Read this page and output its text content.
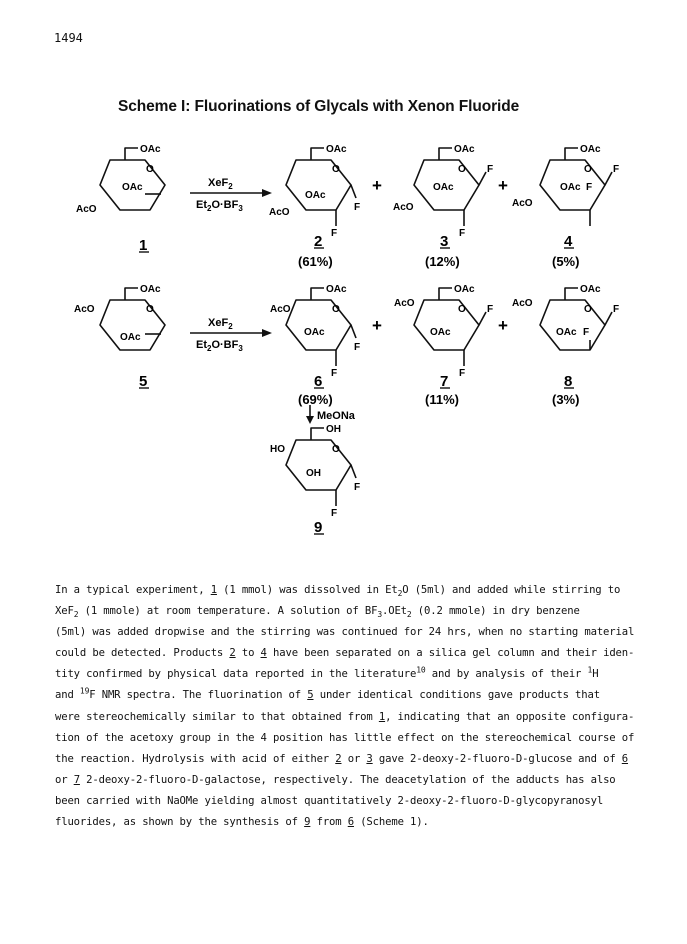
1494
Scheme I: Fluorinations of Glycals with Xenon Fluoride
OAc
O
OAc
AcO
OAc
O
OAc
AcO	F
F
OAc
O F
OAc
AcO
F
OAc
O F
OAc F
AcO
+	+
+	+
XeF$_2$
$Et_2O\cdot BF_3$
XeF$_2$
$Et_2O\cdot BF_3$
MeONa
OAc
O
AcO
OAc
OAc
O
AcO
OAc
F
F
OAc
O F
AcO
OAc
F
OAc
O F
AcO
OAc F
OH
O
HO
OH
F
F
1	2	3	4
5	6	7	8
9
(61%)	(12%)	(5%)
(69%)	(11%)	(3%)

In a typical experiment, 1 (1 mmol) was dissolved in $Et_2O$ (5ml) and added while stirring to

XeF$_2$ (1 mmole) at room temperature. A solution of $BF_3.OEt_2$ (0.2 mmole) in dry benzene

(5ml) was added dropwise and the stirring was continued for 24 hrs, when no starting material

could be detected. Products 2 to 4 have been separated on a silica gel column and their iden-

tity confirmed by physical data reported in the literature$^{10}$ and by analysis of their $^1$H

and $^{19}$F NMR spectra. The fluorination of 5 under identical conditions gave products that

were stereochemically similar to that obtained from 1, indicating that an opposite configura-

tion of the acetoxy group in the 4 position has little effect on the stereochemical course of

the reaction. Hydrolysis with acid of either 2 or 3 gave 2-deoxy-2-fluoro-D-glucose and of 6

or 7 2-deoxy-2-fluoro-D-galactose, respectively. The deacetylation of the adducts has also

been carried with NaOMe yielding almost quantitatively 2-deoxy-2-fluoro-D-glycopyranosyl

fluorides, as shown by the synthesis of 9 from 6 (Scheme 1).
